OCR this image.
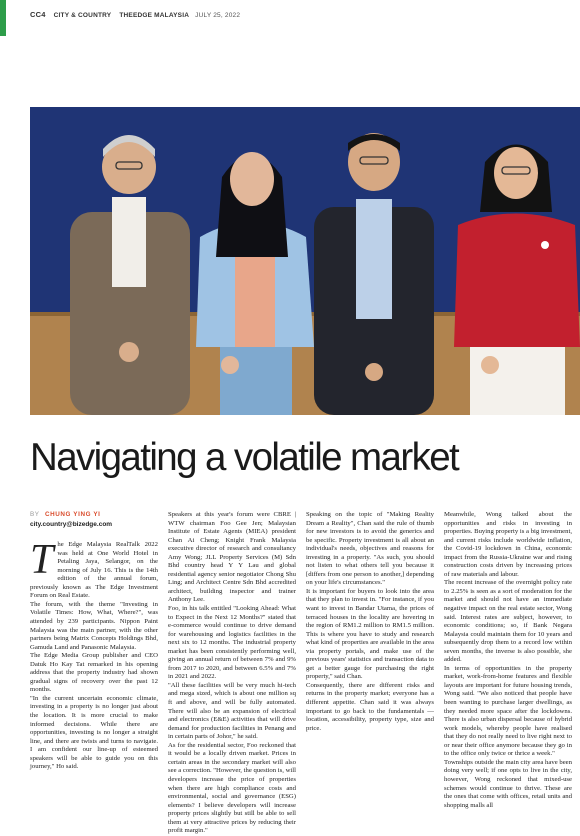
CC4 CITY & COUNTRY THEEDGE MALAYSIA JULY 25, 2022
Navigating a volatile market
BY CHUNG YING YI
city.country@bizedge.com
T he Edge Malaysia RealTalk 2022 was held at One World Hotel in Petaling Jaya, Selangor, on the morning of July 16. This is the 14th edition of the annual forum, previously known as The Edge Investment Forum on Real Estate.

The forum, with the theme "Investing in Volatile Times: How, What, Where?", was attended by 239 participants. Nippon Paint Malaysia was the main partner, with the other partners being Matrix Concepts Holdings Bhd, Gamuda Land and Panasonic Malaysia.

The Edge Media Group publisher and CEO Datuk Ho Kay Tat remarked in his opening address that the property industry had shown gradual signs of recovery over the past 12 months.

"In the current uncertain economic climate, investing in a property is no longer just about the location. It is more crucial to make informed decisions. While there are opportunities, investing is no longer a straight line, and there are twists and turns to navigate. I am confident our line-up of esteemed speakers will be able to guide you on this journey," Ho said.

Speakers at this year's forum were CBRE | WTW chairman Foo Gee Jen; Malaysian Institute of Estate Agents (MIEA) president Chan Ai Cheng; Knight Frank Malaysia executive director of research and consultancy Amy Wong; JLL Property Services (M) Sdn Bhd country head Y Y Lau and global residential agency senior negotiator Chong Shu Ling; and Architect Centre Sdn Bhd accredited architect, building inspector and trainer Anthony Lee.

Foo, in his talk entitled "Looking Ahead: What to Expect in the Next 12 Months?" stated that e-commerce would continue to drive demand for warehousing and logistics facilities in the next six to 12 months. The industrial property market has been consistently performing well, giving an annual return of between 7% and 9% from 2017 to 2020, and between 6.5% and 7% in 2021 and 2022.

"All these facilities will be very much hi-tech and mega sized, which is about one million sq ft and above, and will be fully automated. There will also be an expansion of electrical and electronics (E&E) activities that will drive demand for production facilities in Penang and in certain parts of Johor," he said.

As for the residential sector, Foo reckoned that it would be a locally driven market. Prices in certain areas in the secondary market will also see a correction. "However, the question is, will developers increase the price of properties when there are high compliance costs and environmental, social and governance (ESG) elements? I believe developers will increase property prices slightly but still be able to sell them at very attractive prices by reducing their profit margin."

Speaking on the topic of "Making Reality Dream a Reality", Chan said the rule of thumb for new investors is to avoid the generics and be specific. Property investment is all about an individual's needs, objectives and reasons for investing in a property. "As such, you should not listen to what others tell you because it [differs from one person to another,] depending on your life's circumstances."

It is important for buyers to look into the area that they plan to invest in. "For instance, if you want to invest in Bandar Utama, the prices of terraced houses in the locality are hovering in the region of RM1.2 million to RM1.5 million. This is where you have to study and research what kind of properties are available in the area via property portals, and make use of the previous years' statistics and transaction data to get a better gauge for purchasing the right property," said Chan.

Consequently, there are different risks and returns in the property market; everyone has a different appetite. Chan said it was always important to go back to the fundamentals — location, accessibility, property type, size and price.

Meanwhile, Wong talked about the opportunities and risks in investing in properties. Buying property is a big investment, and current risks include worldwide inflation, the Covid-19 lockdown in China, economic impact from the Russia-Ukraine war and rising construction costs driven by increasing prices of raw materials and labour.

The recent increase of the overnight policy rate to 2.25% is seen as a sort of moderation for the market and should not have an immediate negative impact on the real estate sector, Wong said. Interest rates are subject, however, to economic conditions; so, if Bank Negara Malaysia could maintain them for 10 years and subsequently drop them to a record low within seven months, the inverse is also possible, she added.

In terms of opportunities in the property market, work-from-home features and flexible layouts are important for future housing trends, Wong said. "We also noticed that people have been wanting to purchase larger dwellings, as they needed more space after the lockdowns. There is also urban dispersal because of hybrid work models, whereby people have realised that they do not really need to live right next to or near their office anymore because they go in to the office only twice or thrice a week."

Townships outside the main city area have been doing very well; if one opts to live in the city, however, Wong reckoned that mixed-use schemes would continue to thrive. These are the ones that come with offices, retail units and shopping malls all
